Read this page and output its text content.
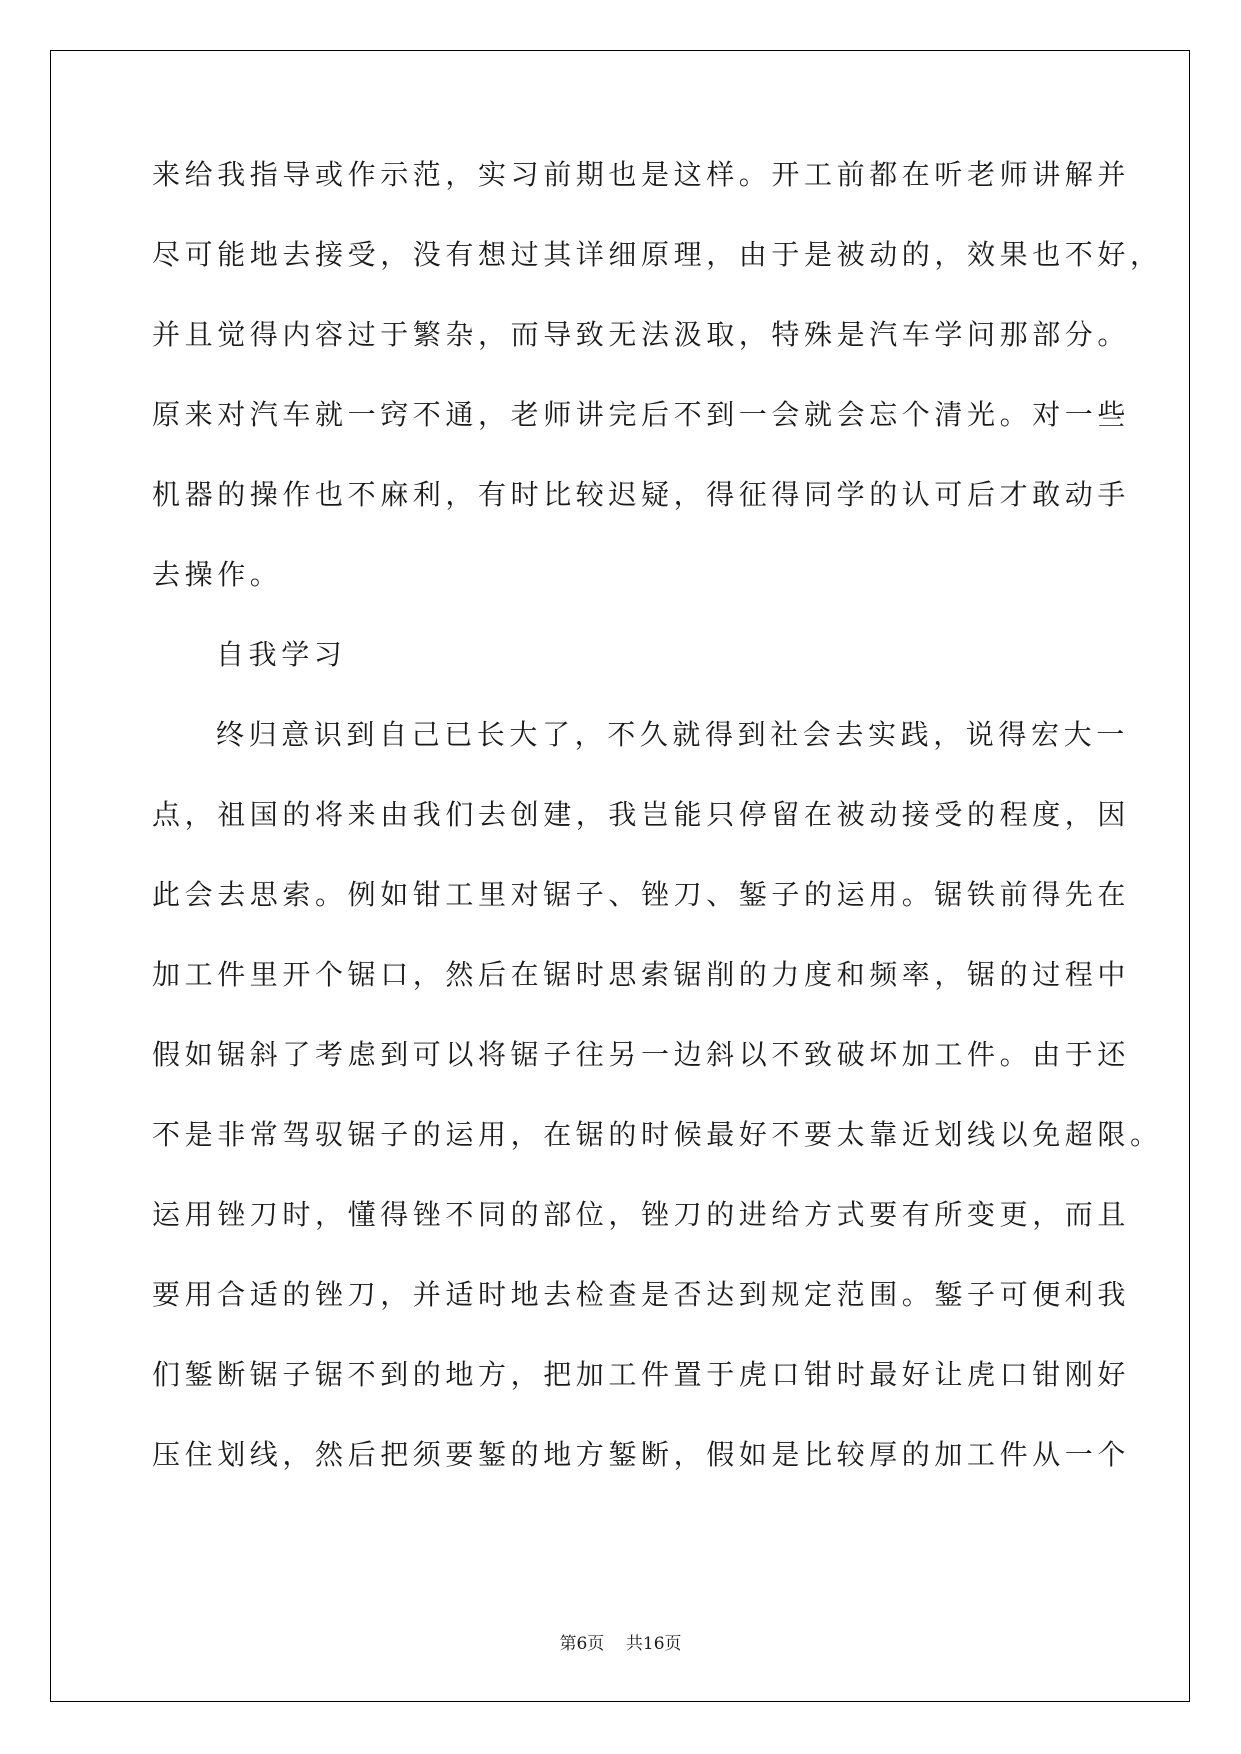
来给我指导或作示范，实习前期也是这样。开工前都在听老师讲解并
尽可能地去接受，没有想过其详细原理，由于是被动的，效果也不好，
并且觉得内容过于繁杂，而导致无法汲取，特殊是汽车学问那部分。
原来对汽车就一窍不通，老师讲完后不到一会就会忘个清光。对一些
机器的操作也不麻利，有时比较迟疑，得征得同学的认可后才敢动手
去操作。
自我学习
终归意识到自己已长大了，不久就得到社会去实践，说得宏大一
点，祖国的将来由我们去创建，我岂能只停留在被动接受的程度，因
此会去思索。例如钳工里对锯子、锉刀、錾子的运用。锯铁前得先在
加工件里开个锯口，然后在锯时思索锯削的力度和频率，锯的过程中
假如锯斜了考虑到可以将锯子往另一边斜以不致破坏加工件。由于还
不是非常驾驭锯子的运用，在锯的时候最好不要太靠近划线以免超限。
运用锉刀时，懂得锉不同的部位，锉刀的进给方式要有所变更，而且
要用合适的锉刀，并适时地去检查是否达到规定范围。錾子可便利我
们錾断锯子锯不到的地方，把加工件置于虎口钳时最好让虎口钳刚好
压住划线，然后把须要錾的地方錾断，假如是比较厚的加工件从一个
第6页 共16页
